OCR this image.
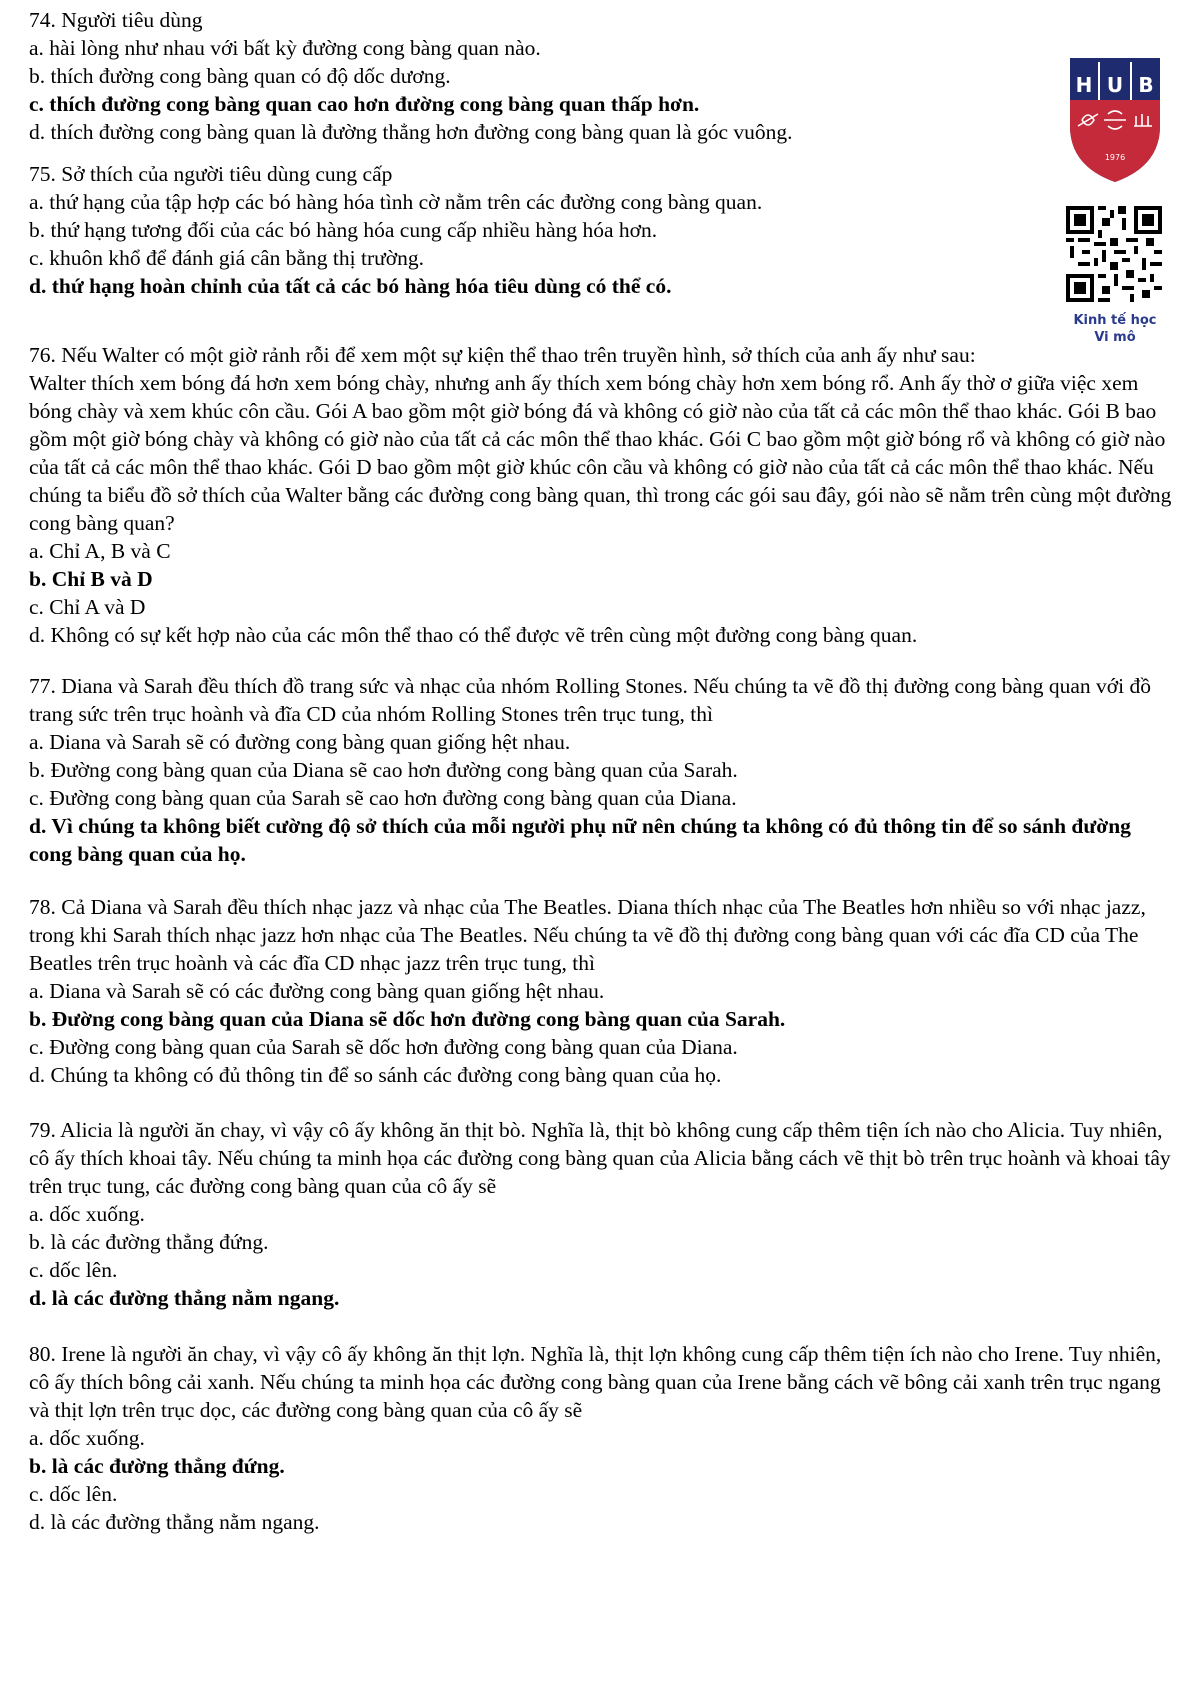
74. Người tiêu dùng

a. hài lòng như nhau với bất kỳ đường cong bàng quan nào.

b. thích đường cong bàng quan có độ dốc dương.

c. thích đường cong bàng quan cao hơn đường cong bàng quan thấp hơn.

d. thích đường cong bàng quan là đường thẳng hơn đường cong bàng quan là góc vuông.

75. Sở thích của người tiêu dùng cung cấp

a. thứ hạng của tập hợp các bó hàng hóa tình cờ nằm trên các đường cong bàng quan.

b. thứ hạng tương đối của các bó hàng hóa cung cấp nhiều hàng hóa hơn.

c. khuôn khổ để đánh giá cân bằng thị trường.

d. thứ hạng hoàn chỉnh của tất cả các bó hàng hóa tiêu dùng có thể có.

76. Nếu Walter có một giờ rảnh rỗi để xem một sự kiện thể thao trên truyền hình, sở thích của anh ấy như sau: Walter thích xem bóng đá hơn xem bóng chày, nhưng anh ấy thích xem bóng chày hơn xem bóng rổ. Anh ấy thờ ơ giữa việc xem bóng chày và xem khúc côn cầu. Gói A bao gồm một giờ bóng đá và không có giờ nào của tất cả các môn thể thao khác. Gói B bao gồm một giờ bóng chày và không có giờ nào của tất cả các môn thể thao khác. Gói C bao gồm một giờ bóng rổ và không có giờ nào của tất cả các môn thể thao khác. Gói D bao gồm một giờ khúc côn cầu và không có giờ nào của tất cả các môn thể thao khác. Nếu chúng ta biểu đồ sở thích của Walter bằng các đường cong bàng quan, thì trong các gói sau đây, gói nào sẽ nằm trên cùng một đường cong bàng quan?

a. Chỉ A, B và C

b. Chỉ B và D

c. Chỉ A và D

d. Không có sự kết hợp nào của các môn thể thao có thể được vẽ trên cùng một đường cong bàng quan.

77. Diana và Sarah đều thích đồ trang sức và nhạc của nhóm Rolling Stones. Nếu chúng ta vẽ đồ thị đường cong bàng quan với đồ trang sức trên trục hoành và đĩa CD của nhóm Rolling Stones trên trục tung, thì

a. Diana và Sarah sẽ có đường cong bàng quan giống hệt nhau.

b. Đường cong bàng quan của Diana sẽ cao hơn đường cong bàng quan của Sarah.

c. Đường cong bàng quan của Sarah sẽ cao hơn đường cong bàng quan của Diana.

d. Vì chúng ta không biết cường độ sở thích của mỗi người phụ nữ nên chúng ta không có đủ thông tin để so sánh đường cong bàng quan của họ.

78. Cả Diana và Sarah đều thích nhạc jazz và nhạc của The Beatles. Diana thích nhạc của The Beatles hơn nhiều so với nhạc jazz, trong khi Sarah thích nhạc jazz hơn nhạc của The Beatles. Nếu chúng ta vẽ đồ thị đường cong bàng quan với các đĩa CD của The Beatles trên trục hoành và các đĩa CD nhạc jazz trên trục tung, thì

a. Diana và Sarah sẽ có các đường cong bàng quan giống hệt nhau.

b. Đường cong bàng quan của Diana sẽ dốc hơn đường cong bàng quan của Sarah.

c. Đường cong bàng quan của Sarah sẽ dốc hơn đường cong bàng quan của Diana.

d. Chúng ta không có đủ thông tin để so sánh các đường cong bàng quan của họ.

79. Alicia là người ăn chay, vì vậy cô ấy không ăn thịt bò. Nghĩa là, thịt bò không cung cấp thêm tiện ích nào cho Alicia. Tuy nhiên, cô ấy thích khoai tây. Nếu chúng ta minh họa các đường cong bàng quan của Alicia bằng cách vẽ thịt bò trên trục hoành và khoai tây trên trục tung, các đường cong bàng quan của cô ấy sẽ

a. dốc xuống.

b. là các đường thẳng đứng.

c. dốc lên.

d. là các đường thẳng nằm ngang.

80. Irene là người ăn chay, vì vậy cô ấy không ăn thịt lợn. Nghĩa là, thịt lợn không cung cấp thêm tiện ích nào cho Irene. Tuy nhiên, cô ấy thích bông cải xanh. Nếu chúng ta minh họa các đường cong bàng quan của Irene bằng cách vẽ bông cải xanh trên trục ngang và thịt lợn trên trục dọc, các đường cong bàng quan của cô ấy sẽ

a. dốc xuống.

b. là các đường thẳng đứng.

c. dốc lên.

d. là các đường thẳng nằm ngang.

H U B
1976
Kinh tế học
Vi mô
